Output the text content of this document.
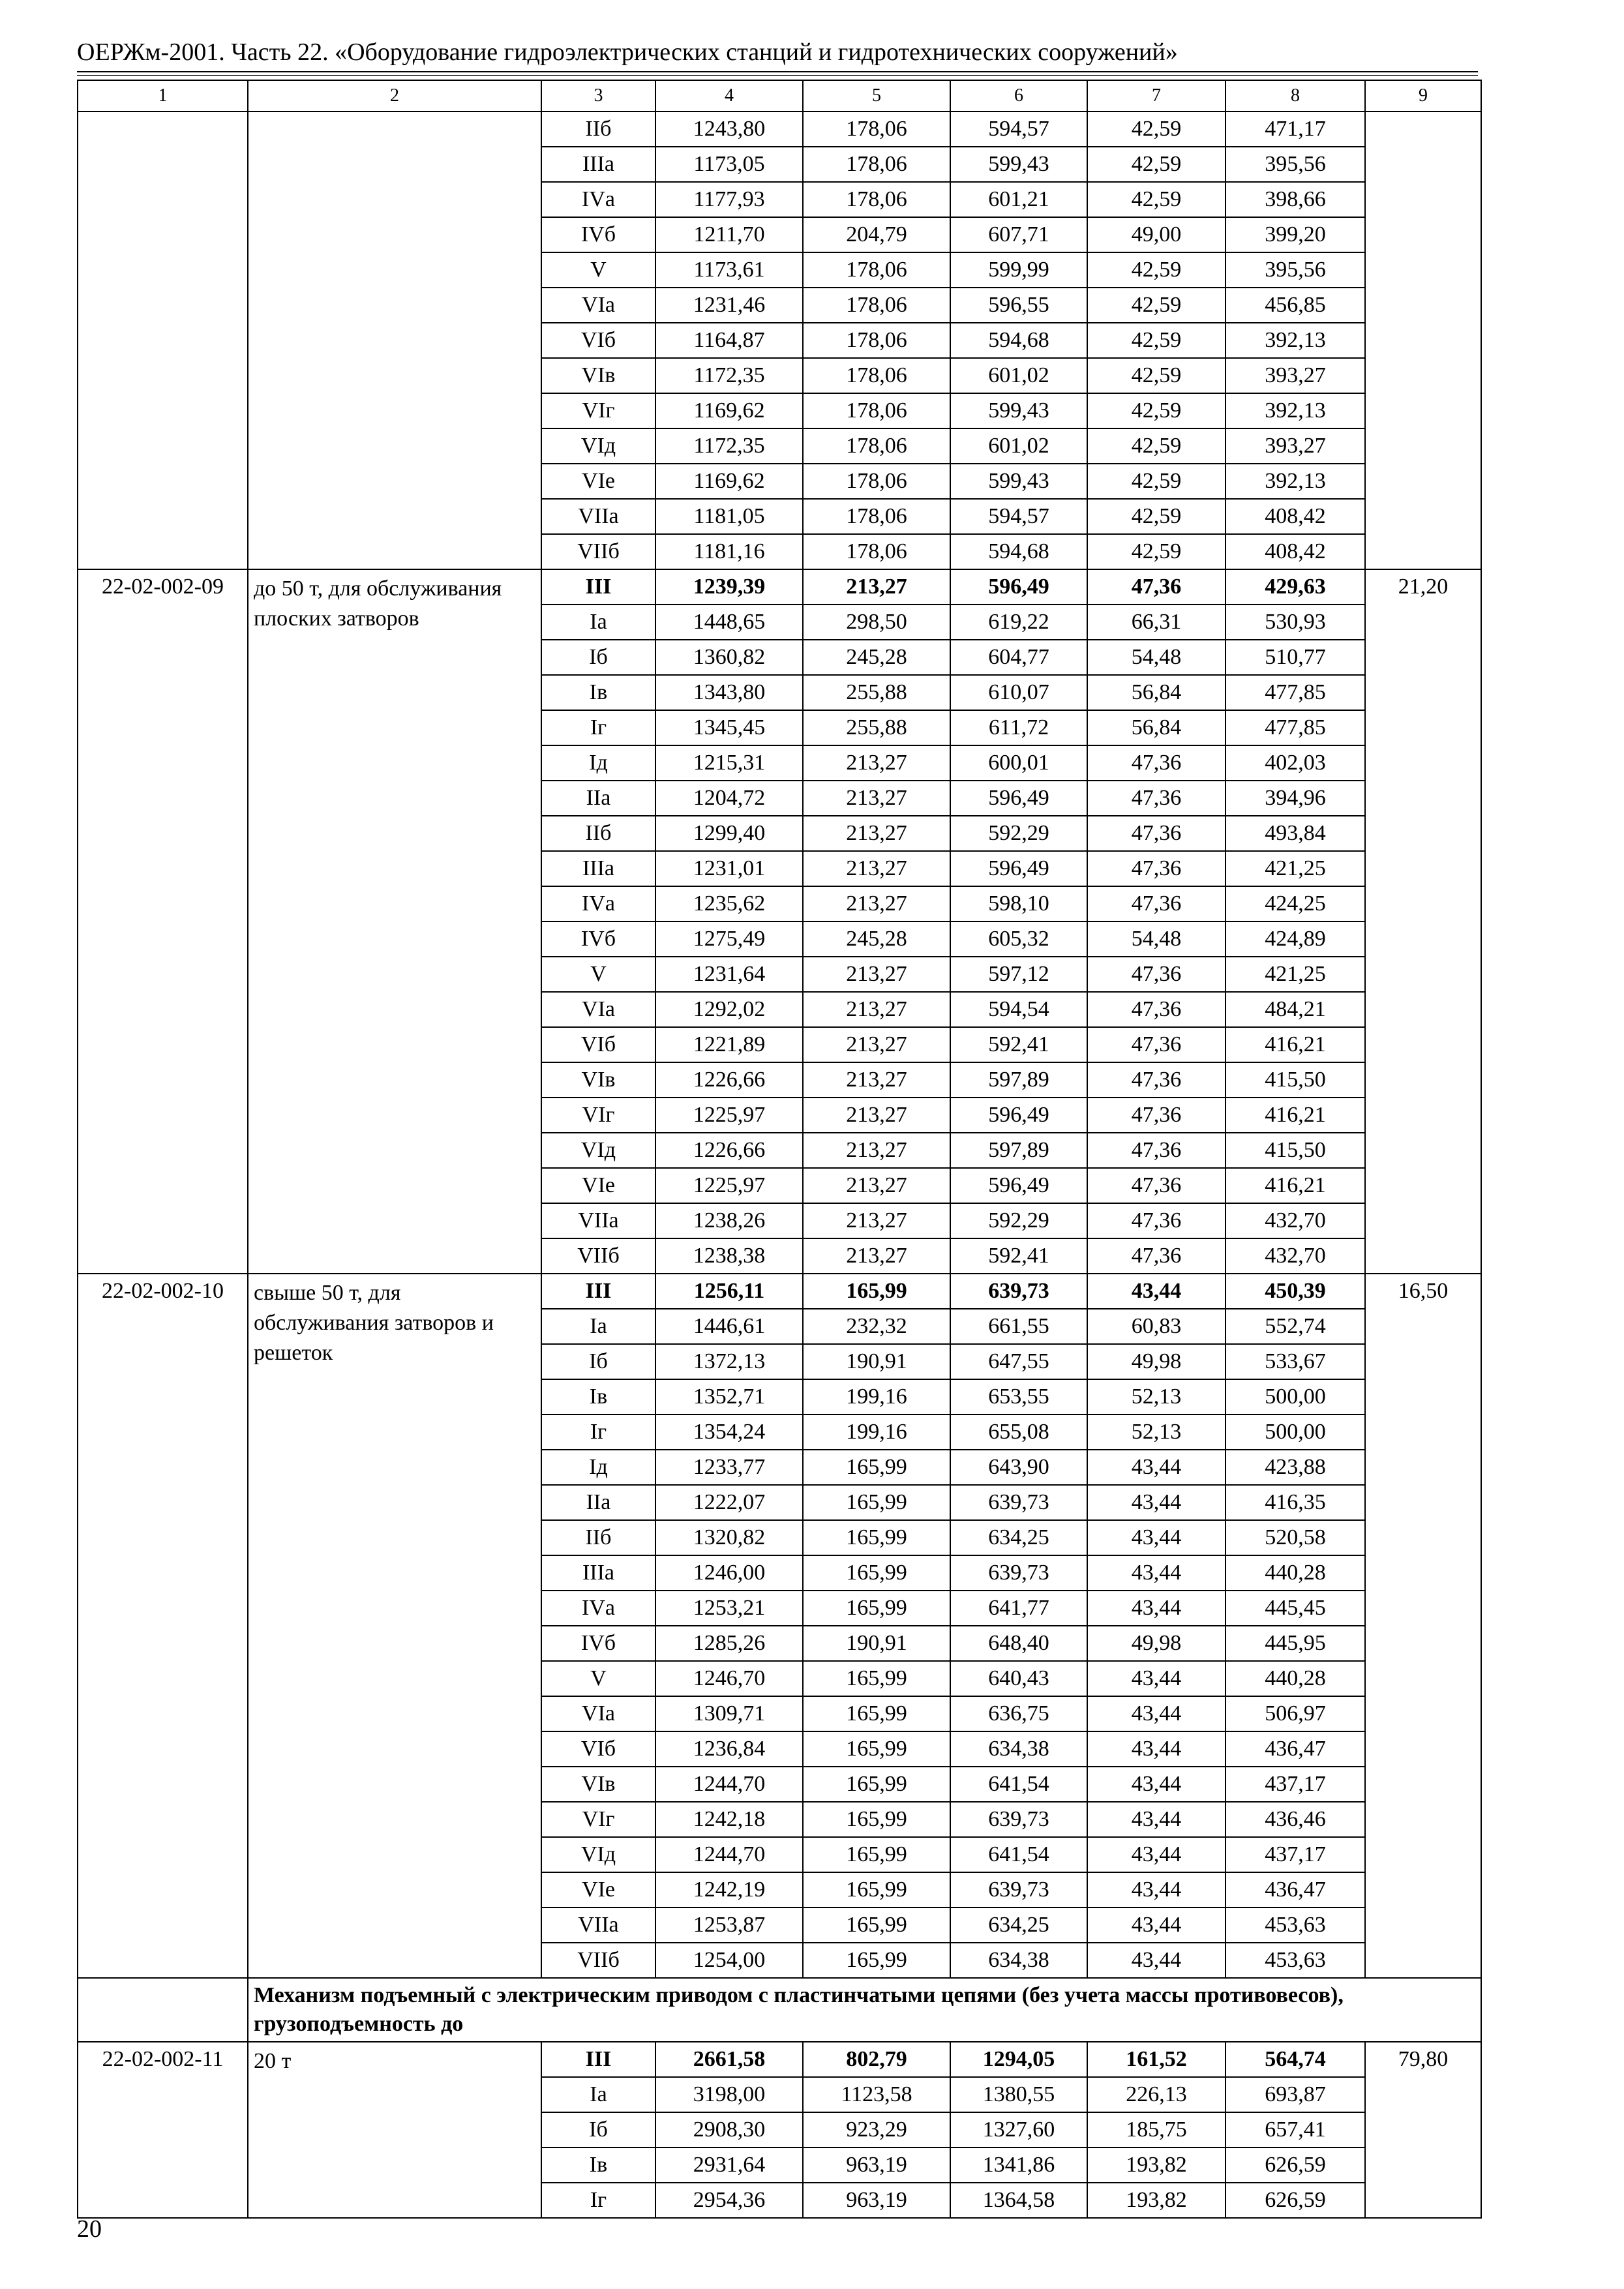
ОЕРЖм-2001. Часть 22. «Оборудование гидроэлектрических станций и гидротехнических сооружений»
1	2	3	4	5	6	7	8	9
		IIб	1243,80	178,06	594,57	42,59	471,17	
		IIIа	1173,05	178,06	599,43	42,59	395,56	
		IVа	1177,93	178,06	601,21	42,59	398,66	
		IVб	1211,70	204,79	607,71	49,00	399,20	
		V	1173,61	178,06	599,99	42,59	395,56	
		VIа	1231,46	178,06	596,55	42,59	456,85	
		VIб	1164,87	178,06	594,68	42,59	392,13	
		VIв	1172,35	178,06	601,02	42,59	393,27	
		VIг	1169,62	178,06	599,43	42,59	392,13	
		VIд	1172,35	178,06	601,02	42,59	393,27	
		VIе	1169,62	178,06	599,43	42,59	392,13	
		VIIа	1181,05	178,06	594,57	42,59	408,42	
		VIIб	1181,16	178,06	594,68	42,59	408,42	
22-02-002-09	до 50 т, для обслуживания плоских затворов	III	1239,39	213,27	596,49	47,36	429,63	21,20
		Iа	1448,65	298,50	619,22	66,31	530,93	
		Iб	1360,82	245,28	604,77	54,48	510,77	
		Iв	1343,80	255,88	610,07	56,84	477,85	
		Iг	1345,45	255,88	611,72	56,84	477,85	
		Iд	1215,31	213,27	600,01	47,36	402,03	
		IIа	1204,72	213,27	596,49	47,36	394,96	
		IIб	1299,40	213,27	592,29	47,36	493,84	
		IIIа	1231,01	213,27	596,49	47,36	421,25	
		IVа	1235,62	213,27	598,10	47,36	424,25	
		IVб	1275,49	245,28	605,32	54,48	424,89	
		V	1231,64	213,27	597,12	47,36	421,25	
		VIа	1292,02	213,27	594,54	47,36	484,21	
		VIб	1221,89	213,27	592,41	47,36	416,21	
		VIв	1226,66	213,27	597,89	47,36	415,50	
		VIг	1225,97	213,27	596,49	47,36	416,21	
		VIд	1226,66	213,27	597,89	47,36	415,50	
		VIе	1225,97	213,27	596,49	47,36	416,21	
		VIIа	1238,26	213,27	592,29	47,36	432,70	
		VIIб	1238,38	213,27	592,41	47,36	432,70	
22-02-002-10	свыше 50 т, для обслуживания затворов и решеток	III	1256,11	165,99	639,73	43,44	450,39	16,50
		Iа	1446,61	232,32	661,55	60,83	552,74	
		Iб	1372,13	190,91	647,55	49,98	533,67	
		Iв	1352,71	199,16	653,55	52,13	500,00	
		Iг	1354,24	199,16	655,08	52,13	500,00	
		Iд	1233,77	165,99	643,90	43,44	423,88	
		IIа	1222,07	165,99	639,73	43,44	416,35	
		IIб	1320,82	165,99	634,25	43,44	520,58	
		IIIа	1246,00	165,99	639,73	43,44	440,28	
		IVа	1253,21	165,99	641,77	43,44	445,45	
		IVб	1285,26	190,91	648,40	49,98	445,95	
		V	1246,70	165,99	640,43	43,44	440,28	
		VIа	1309,71	165,99	636,75	43,44	506,97	
		VIб	1236,84	165,99	634,38	43,44	436,47	
		VIв	1244,70	165,99	641,54	43,44	437,17	
		VIг	1242,18	165,99	639,73	43,44	436,46	
		VIд	1244,70	165,99	641,54	43,44	437,17	
		VIе	1242,19	165,99	639,73	43,44	436,47	
		VIIа	1253,87	165,99	634,25	43,44	453,63	
		VIIб	1254,00	165,99	634,38	43,44	453,63	
	Механизм подъемный с электрическим приводом с пластинчатыми цепями (без учета массы противовесов), грузоподъемность до							
22-02-002-11	20 т	III	2661,58	802,79	1294,05	161,52	564,74	79,80
		Iа	3198,00	1123,58	1380,55	226,13	693,87	
		Iб	2908,30	923,29	1327,60	185,75	657,41	
		Iв	2931,64	963,19	1341,86	193,82	626,59	
		Iг	2954,36	963,19	1364,58	193,82	626,59	
20
